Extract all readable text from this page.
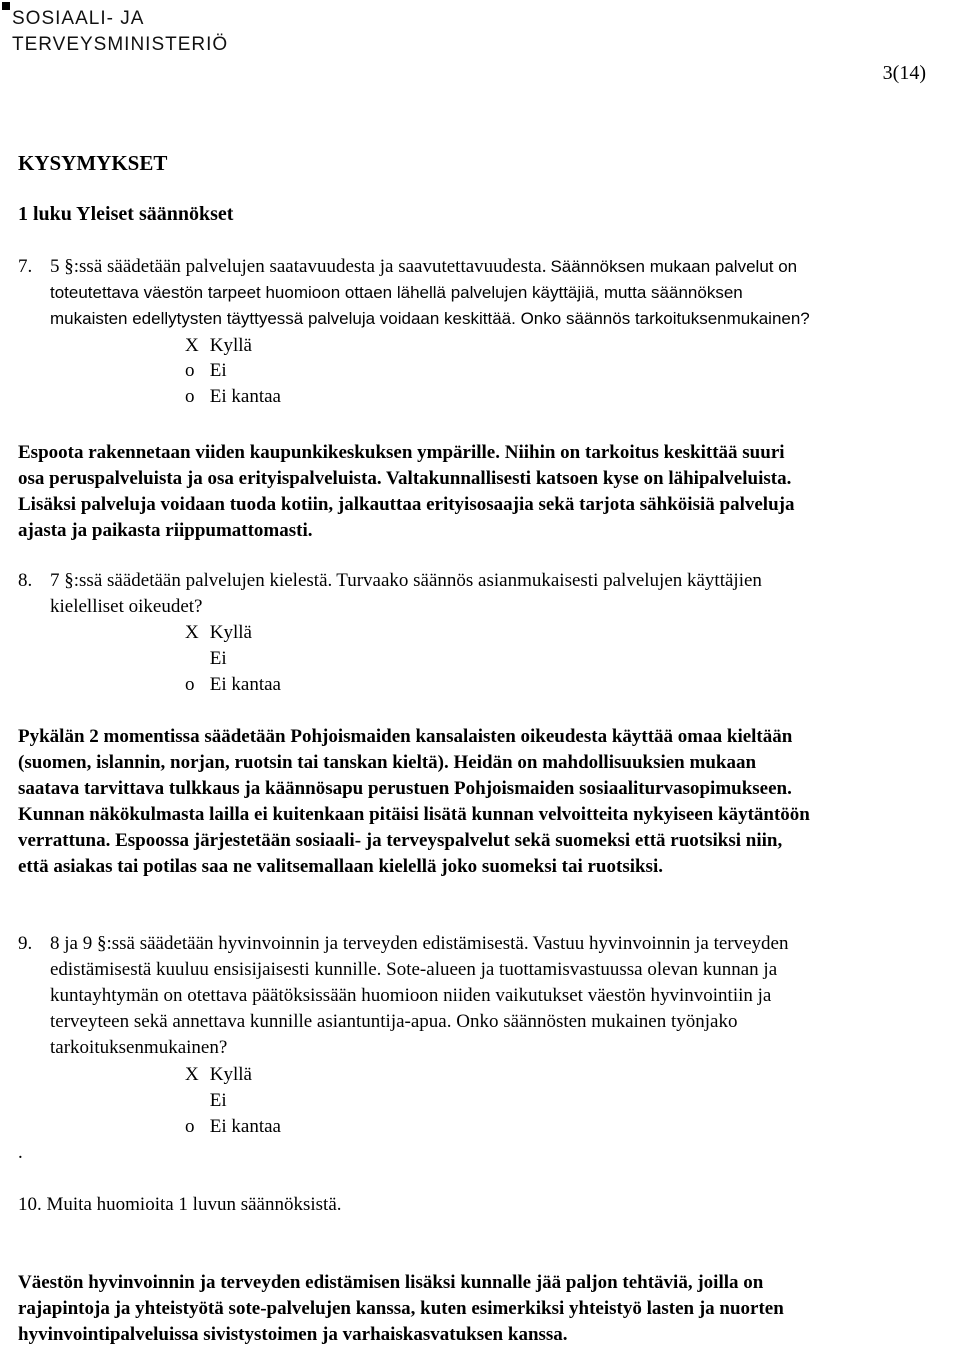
SOSIAALI- JA
TERVEYSMINISTERIÖ
3(14)
KYSYMYKSET
1 luku Yleiset säännökset
7. 5 §:ssä säädetään palvelujen saatavuudesta ja saavutettavuudesta. Säännöksen mukaan palvelut on
toteutettava väestön tarpeet huomioon ottaen lähellä palvelujen käyttäjiä, mutta säännöksen
mukaisten edellytysten täyttyessä palveluja voidaan keskittää. Onko säännös tarkoituksenmukainen?
X Kyllä
o Ei
o Ei kantaa
Espoota rakennetaan viiden kaupunkikeskuksen ympärille. Niihin on tarkoitus keskittää suuri
osa peruspalveluista ja osa erityispalveluista. Valtakunnallisesti katsoen kyse on lähipalveluista.
Lisäksi palveluja voidaan tuoda kotiin, jalkauttaa erityisosaajia sekä tarjota sähköisiä palveluja
ajasta ja paikasta riippumattomasti.
8. 7 §:ssä säädetään palvelujen kielestä. Turvaako säännös asianmukaisesti palvelujen käyttäjien
kielelliset oikeudet?
X Kyllä
Ei
o Ei kantaa
Pykälän 2 momentissa säädetään Pohjoismaiden kansalaisten oikeudesta käyttää omaa kieltään
(suomen, islannin, norjan, ruotsin tai tanskan kieltä). Heidän on mahdollisuuksien mukaan
saatava tarvittava tulkkaus ja käännösapu perustuen Pohjoismaiden sosiaaliturvasopimukseen.
Kunnan näkökulmasta lailla ei kuitenkaan pitäisi lisätä kunnan velvoitteita nykyiseen käytäntöön
verrattuna. Espoossa järjestetään sosiaali- ja terveyspalvelut sekä suomeksi että ruotsiksi niin,
että asiakas tai potilas saa ne valitsemallaan kielellä joko suomeksi tai ruotsiksi.
9. 8 ja 9 §:ssä säädetään hyvinvoinnin ja terveyden edistämisestä. Vastuu hyvinvoinnin ja terveyden
edistämisestä kuuluu ensisijaisesti kunnille. Sote-alueen ja tuottamisvastuussa olevan kunnan ja
kuntayhtymän on otettava päätöksissään huomioon niiden vaikutukset väestön hyvinvointiin ja
terveyteen sekä annettava kunnille asiantuntija-apua. Onko säännösten mukainen työnjako
tarkoituksenmukainen?
X Kyllä
Ei
o Ei kantaa
.
10. Muita huomioita 1 luvun säännöksistä.
Väestön hyvinvoinnin ja terveyden edistämisen lisäksi kunnalle jää paljon tehtäviä, joilla on
rajapintoja ja yhteistyötä sote-palvelujen kanssa, kuten esimerkiksi yhteistyö lasten ja nuorten
hyvinvointipalveluissa sivistystoimen ja varhaiskasvatuksen kanssa.
